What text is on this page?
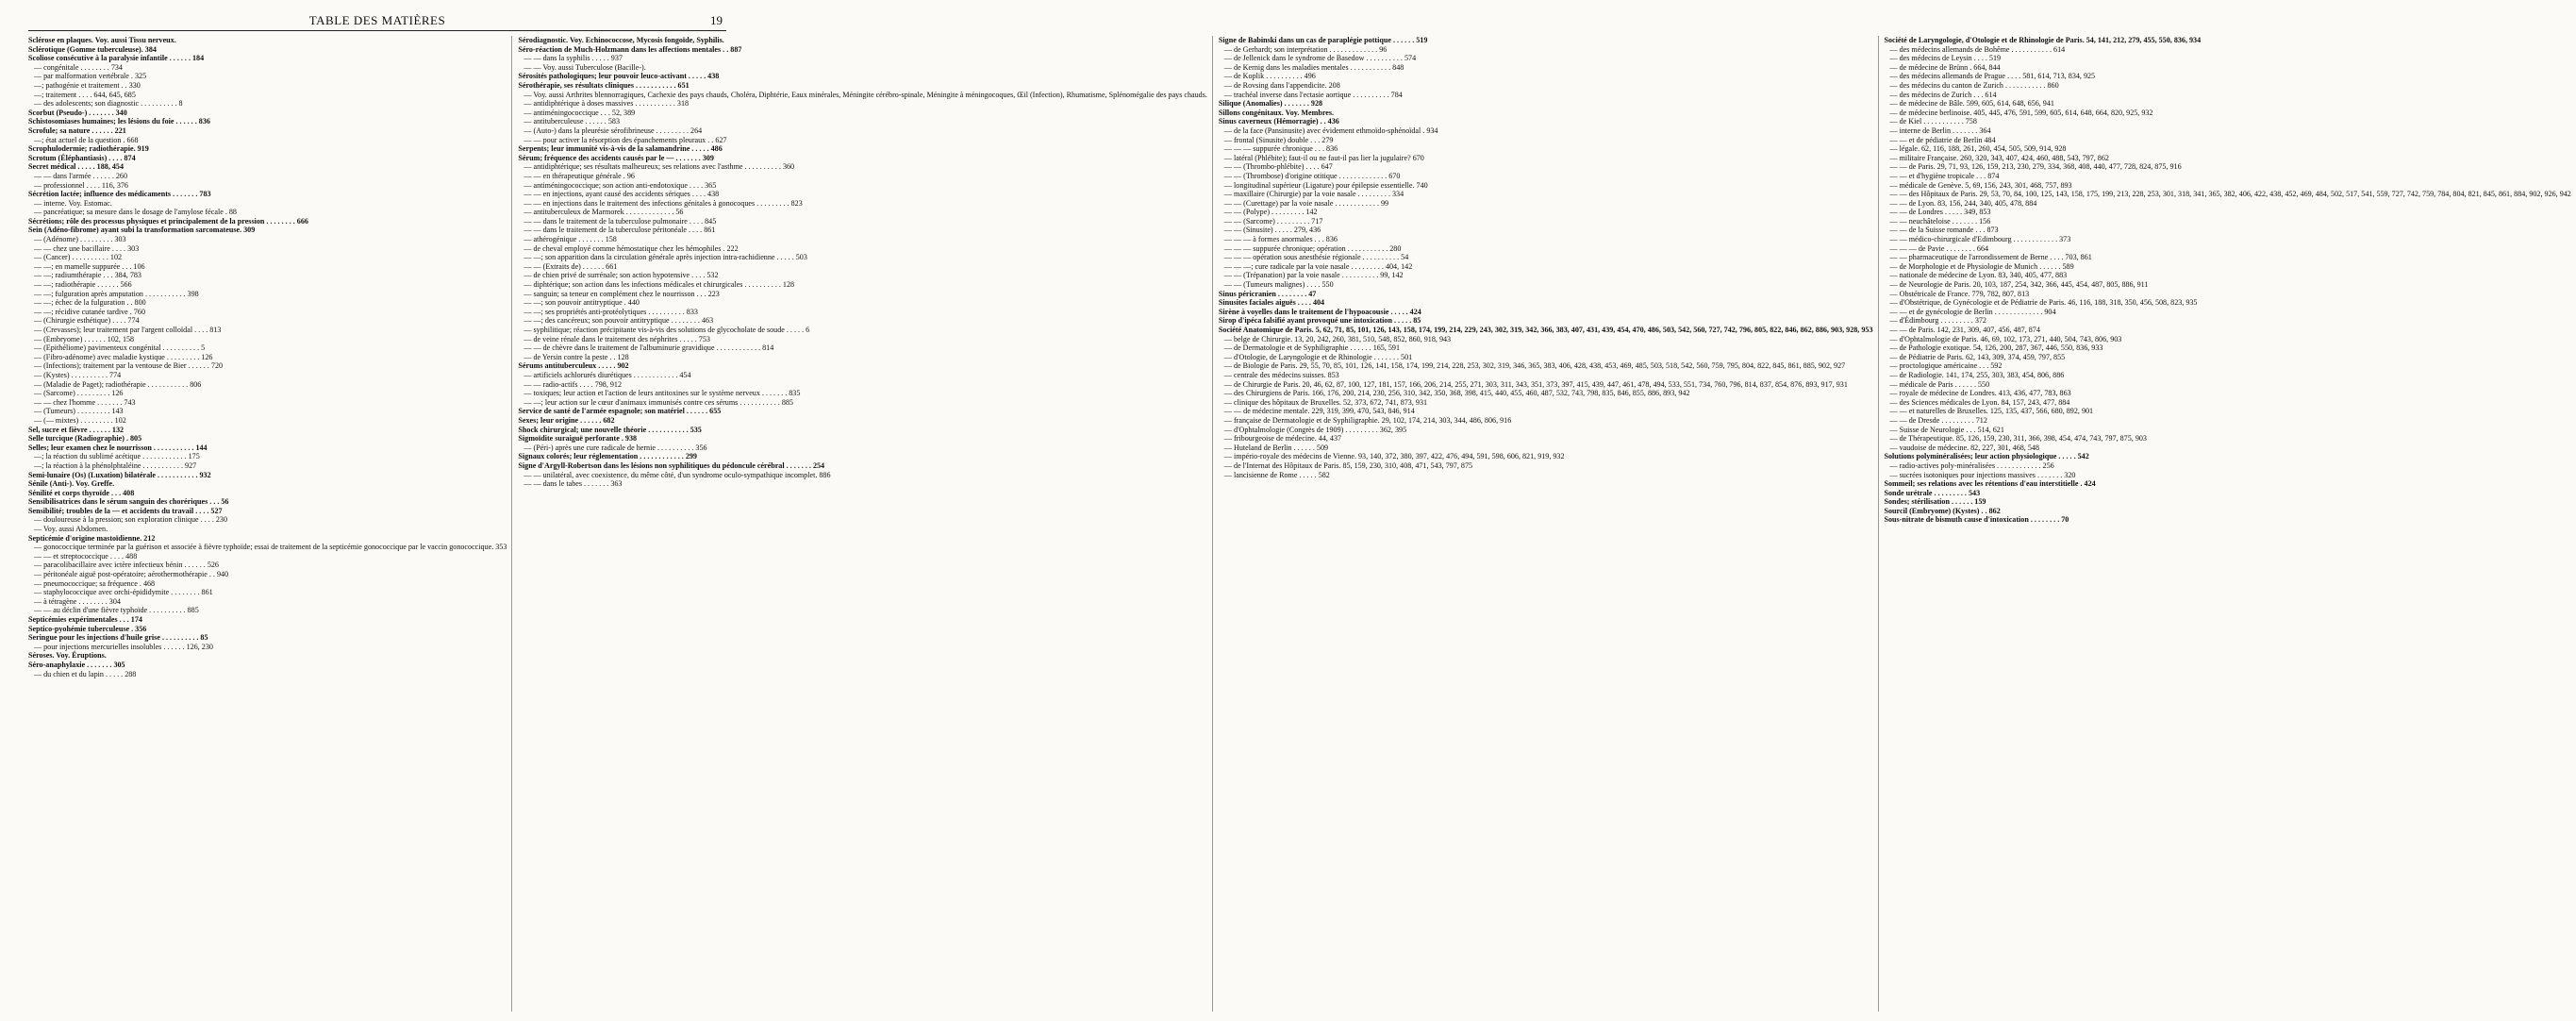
TABLE DES MATIÈRES	19

Sclérose en plaques. Voy. aussi Tissu nerveux.

Sclérotique (Gomme tuberculeuse). 384

Scoliose consécutive à la paralysie infantile . . . . . . 184

— congénitale . . . . . . . . 734

— par malformation vertébrale . 325

—; pathogénie et traitement . . 330

—; traitement . . . . 644, 645, 685

— des adolescents; son diagnostic . . . . . . . . . . 8

Scorbut (Pseudo-) . . . . . . . 340

Schistosomiases humaines; les lésions du foie . . . . . . 836

Scrofule; sa nature . . . . . . 221

—; état actuel de la question . 668

Scrophulodermie; radiothérapie. 919

Scrotum (Éléphantiasis) . . . . 874

Secret médical . . . . . 188, 454

— — dans l'armée . . . . . . 260

— professionnel . . . . 116, 376

Sécrétion lactée; influence des médicaments . . . . . . . 783

— interne. Voy. Estomac.

— pancréatique; sa mesure dans le dosage de l'amylose fécale . 88

Sécrétions; rôle des processus physiques et principalement de la pression . . . . . . . . 666

Sein (Adéno-fibrome) ayant subi la transformation sarcomateuse. 309

— (Adénome) . . . . . . . . . 303

— — chez une bacillaire . . . . 303

— (Cancer) . . . . . . . . . . 102

— —; en mamelle suppurée . . . 106

— —; radiumthérapie . . . 384, 783

— —; radiothérapie . . . . . . 566

— —; fulguration après amputation . . . . . . . . . . . 398

— —; échec de la fulguration . . 800

— —; récidive cutanée tardive . 760

— (Chirurgie esthétique) . . . . 774

— (Crevasses); leur traitement par l'argent colloïdal . . . . 813

— (Embryome) . . . . . . 102, 158

— (Epithéliome) pavimenteux congénital . . . . . . . . . . 5

— (Fibro-adénome) avec maladie kystique . . . . . . . . . 126

— (Infections); traitement par la ventouse de Bier . . . . . . 720

— (Kystes) . . . . . . . . . . 774

— (Maladie de Paget); radiothérapie . . . . . . . . . . . 806

— (Sarcome) . . . . . . . . . 126

— — chez l'homme . . . . . . . 743

— (Tumeurs) . . . . . . . . . 143

— (— mixtes) . . . . . . . . . 102

Sel, sucre et fièvre . . . . . . 132

Selle turcique (Radiographie) . 805

Selles; leur examen chez le nourrisson . . . . . . . . . . . 144

—; la réaction du sublimé acétique . . . . . . . . . . . . 175

—; la réaction à la phénolphtaléine . . . . . . . . . . . 927

Semi-lunaire (Os) (Luxation) bilatérale . . . . . . . . . . . 932

Sénile (Anti-). Voy. Greffe.

Sénilité et corps thyroïde . . . 408

Sensibilisatrices dans le sérum sanguin des chorériques . . . 56

Sensibilité; troubles de la — et accidents du travail . . . . 527

— douloureuse à la pression; son exploration clinique . . . . 230

— Voy. aussi Abdomen.

Septicémie d'origine mastoïdienne. 212

— gonococcique terminée par la guérison et associée à fièvre typhoïde; essai de traitement de la septicémie gonococcique par le vaccin gonococcique. 353

— — et streptococcique . . . . 488

— paracolibacillaire avec ictère infectieux bénin . . . . . . 526

— péritonéale aiguë post-opératoire; aérothermothérapie . . 940

— pneumococcique; sa fréquence . 468

— staphylococcique avec orchi-épididymite . . . . . . . . 861

— à tétragène . . . . . . . . 304

— — au déclin d'une fièvre typhoïde . . . . . . . . . . 885

Septicémies expérimentales . . . 174

Septico-pyohémie tuberculeuse . 356

Seringue pour les injections d'huile grise . . . . . . . . . . 85

— pour injections mercurielles insolubles . . . . . . 126, 230

Séroses. Voy. Éruptions.

Séro-anaphylaxie . . . . . . . 305

— du chien et du lapin . . . . . 288

Sérodiagnostic. Voy. Echinococcose, Mycosis fongoïde, Syphilis.

Séro-réaction de Much-Holzmann dans les affections mentales . . 887

— — dans la syphilis . . . . . 937

— — Voy. aussi Tuberculose (Bacille-).

Sérosités pathologiques; leur pouvoir leuco-activant . . . . . 438

Sérothérapie, ses résultats cliniques . . . . . . . . . . . 651

— Voy. aussi Arthrites blennorragiques, Cachexie des pays chauds, Choléra, Diphtérie, Eaux minérales, Méningite cérébro-spinale, Méningite à méningocoques, Œil (Infection), Rhumatisme, Splénomégalie des pays chauds.

— antidiphtérique à doses massives . . . . . . . . . . . 318

— antiméningococcique . . . 52, 389

— antituberculeuse . . . . . . 583

— (Auto-) dans la pleurésie sérofibrineuse . . . . . . . . . 264

— — pour activer la résorption des épanchements pleuraux . . 627

Serpents; leur immunité vis-à-vis de la salamandrine . . . . . 486

Sérum; fréquence des accidents causés par le — . . . . . . . 309

— antidiphtérique; ses résultats malheureux; ses relations avec l'asthme . . . . . . . . . . 360

— — en thérapeutique générale . 96

— antiméningococcique; son action anti-endotoxique . . . . 365

— — en injections, ayant causé des accidents sériques . . . . 438

— — en injections dans le traitement des infections génitales à gonocoques . . . . . . . . . 823

— antituberculeux de Marmorek . . . . . . . . . . . . . 56

— — dans le traitement de la tuberculose pulmonaire . . . . 845

— — dans le traitement de la tuberculose péritonéale . . . . 861

— athérogénique . . . . . . . 158

— de cheval employé comme hémostatique chez les hémophiles . 222

— —; son apparition dans la circulation générale après injection intra-rachidienne . . . . . 503

— — (Extraits de) . . . . . . 661

— de chien privé de surrénale; son action hypotensive . . . . 532

— diphtérique; son action dans les infections médicales et chirurgicales . . . . . . . . . . 128

— sanguin; sa teneur en complément chez le nourrisson . . . 223

— —; son pouvoir antitryptique . 440

— —; ses propriétés anti-protéolytiques . . . . . . . . . . 833

— —; des cancéreux; son pouvoir antitryptique . . . . . . . . 463

— syphilitique; réaction précipitante vis-à-vis des solutions de glycocholate de soude . . . . . 6

— de veine rénale dans le traitement des néphrites . . . . . 753

— — de chèvre dans le traitement de l'albuminurie gravidique . . . . . . . . . . . . 814

— de Yersin contre la peste . . 128

Sérums antituberculeux . . . . . 902

— artificiels achlorurés diurétiques . . . . . . . . . . . . 454

— — radio-actifs . . . . 798, 912

— toxiques; leur action et l'action de leurs antitoxines sur le système nerveux . . . . . . . 835

— —; leur action sur le cœur d'animaux immunisés contre ces sérums . . . . . . . . . . . 885

Service de santé de l'armée espagnole; son matériel . . . . . . 655

Sexes; leur origine . . . . . . 682

Shock chirurgical; une nouvelle théorie . . . . . . . . . . . 535

Sigmoïdite suraiguë perforante . 938

— (Péri-) après une cure radicale de hernie . . . . . . . . . . 356

Signaux colorés; leur réglementation . . . . . . . . . . . . 299

Signe d'Argyll-Robertson dans les lésions non syphilitiques du pédoncule cérébral . . . . . . . 254

— — unilatéral, avec coexistence, du même côté, d'un syndrome oculo-sympathique incomplet. 886

— — dans le tabes . . . . . . . 363

Signe de Babinski dans un cas de paraplégie pottique . . . . . . 519

— de Gerhardt; son interprétation . . . . . . . . . . . . . 96

— de Jellenick dans le syndrome de Basedow . . . . . . . . . . 574

— de Kernig dans les maladies mentales . . . . . . . . . . . 848

— de Koplik . . . . . . . . . . 496

— de Rovsing dans l'appendicite. 208

— trachéal inverse dans l'ectasie aortique . . . . . . . . . . 784

Silique (Anomalies) . . . . . . . 928

Sillons congénitaux. Voy. Membres.

Sinus caverneux (Hémorragie) . . 436

— de la face (Pansinusite) avec évidement ethmoïdo-sphénoïdal . 934

— frontal (Sinusite) double . . . 279

— — — suppurée chronique . . . 836

— latéral (Phlébite); faut-il ou ne faut-il pas lier la jugulaire? 670

— — (Thrombo-phlébite) . . . . 647

— — (Thrombose) d'origine otitique . . . . . . . . . . . . . 670

— longitudinal supérieur (Ligature) pour épilepsie essentielle. 740

— maxillaire (Chirurgie) par la voie nasale . . . . . . . . . 334

— — (Curettage) par la voie nasale . . . . . . . . . . . . 99

— — (Polype) . . . . . . . . . 142

— — (Sarcome) . . . . . . . . . 717

— — (Sinusite) . . . . . 279, 436

— — — à formes anormales . . . 836

— — — suppurée chronique; opération . . . . . . . . . . . 280

— — — opération sous anesthésie régionale . . . . . . . . . . 54

— — —; cure radicale par la voie nasale . . . . . . . . . 404, 142

— — (Trépanation) par la voie nasale . . . . . . . . . . 99, 142

— — (Tumeurs malignes) . . . . 550

Sinus péricranien . . . . . . . . 47

Sinusites faciales aiguës . . . . 404

Sirène à voyelles dans le traitement de l'hypoacousie . . . . . 424

Sirop d'ipéca falsifié ayant provoqué une intoxication . . . . . 85

Société Anatomique de Paris. 5, 62, 71, 85, 101, 126, 143, 158, 174, 199, 214, 229, 243, 302, 319, 342, 366, 383, 407, 431, 439, 454, 470, 486, 503, 542, 560, 727, 742, 796, 805, 822, 846, 862, 886, 903, 928, 953

— belge de Chirurgie. 13, 20, 242, 260, 381, 510, 548, 852, 860, 918, 943

— de Dermatologie et de Syphiligraphie . . . . . . 165, 591

— d'Otologie, de Laryngologie et de Rhinologie . . . . . . . 501

— de Biologie de Paris. 29, 55, 70, 85, 101, 126, 141, 158, 174, 199, 214, 228, 253, 302, 319, 346, 365, 383, 406, 428, 438, 453, 469, 485, 503, 518, 542, 560, 759, 795, 804, 822, 845, 861, 885, 902, 927

— centrale des médecins suisses. 853

— de Chirurgie de Paris. 20, 46, 62, 87, 100, 127, 181, 157, 166, 206, 214, 255, 271, 303, 311, 343, 351, 373, 397, 415, 439, 447, 461, 478, 494, 533, 551, 734, 760, 796, 814, 837, 854, 876, 893, 917, 931

— des Chirurgiens de Paris. 166, 176, 200, 214, 230, 256, 310, 342, 350, 368, 398, 415, 440, 455, 460, 487, 532, 743, 798, 835, 846, 855, 886, 893, 942

— clinique des hôpitaux de Bruxelles. 52, 373, 672, 741, 873, 931

— — de médecine mentale. 229, 319, 399, 470, 543, 846, 914

— française de Dermatologie et de Syphiligraphie. 29, 102, 174, 214, 303, 344, 486, 806, 916

— d'Ophtalmologie (Congrès de 1909) . . . . . . . . . 362, 395

— fribourgeoise de médecine. 44, 437

— Huteland de Berlin . . . . . . 509

— império-royale des médecins de Vienne. 93, 140, 372, 380, 397, 422, 476, 494, 591, 598, 606, 821, 919, 932

— de l'Internat des Hôpitaux de Paris. 85, 159, 230, 310, 408, 471, 543, 797, 875

— lancisienne de Rome . . . . . 582

Société de Laryngologie, d'Otologie et de Rhinologie de Paris. 54, 141, 212, 279, 455, 550, 836, 934

— des médecins allemands de Bohême . . . . . . . . . . . 614

— des médecins de Leysin . . . . 519

— de médecine de Brünn . 664, 844

— des médecins allemands de Prague . . . . 581, 614, 713, 834, 925

— des médecins du canton de Zurich . . . . . . . . . . . 860

— des médecins de Zurich . . . 614

— de médecine de Bâle. 599, 605, 614, 648, 656, 941

— de médecine berlinoise. 405, 445, 476, 591, 599, 605, 614, 648, 664, 820, 925, 932

— de Kiel . . . . . . . . . . . 758

— interne de Berlin . . . . . . . 364

— — et de pédiatrie de Berlin 484

— légale. 62, 116, 188, 261, 260, 454, 505, 509, 914, 928

— militaire Française. 260, 320, 343, 407, 424, 460, 488, 543, 797, 862

— — de Paris. 29, 71, 93, 126, 159, 213, 230, 279, 334, 368, 408, 440, 477, 728, 824, 875, 916

— — et d'hygiène tropicale . . . 874

— médicale de Genève. 5, 69, 156, 243, 301, 468, 757, 893

— — des Hôpitaux de Paris. 29, 53, 70, 84, 100, 125, 143, 158, 175, 199, 213, 228, 253, 301, 318, 341, 365, 382, 406, 422, 438, 452, 469, 484, 502, 517, 541, 559, 727, 742, 759, 784, 804, 821, 845, 861, 884, 902, 926, 942

— — de Lyon. 83, 156, 244, 340, 405, 478, 884

— — de Londres . . . . . 349, 853

— — neuchâteloise . . . . . . . 156

— — de la Suisse romande . . . 873

— — médico-chirurgicale d'Edimbourg . . . . . . . . . . . . 373

— — — de Pavie . . . . . . . . 664

— — pharmaceutique de l'arrondissement de Berne . . . . 703, 861

— de Morphologie et de Physiologie de Munich . . . . . . 589

— nationale de médecine de Lyon. 83, 340, 405, 477, 883

— de Neurologie de Paris. 20, 103, 187, 254, 342, 366, 445, 454, 487, 805, 886, 911

— Obstétricale de France. 779, 782, 807, 813

— d'Obstétrique, de Gynécologie et de Pédiatrie de Paris. 46, 116, 188, 318, 350, 456, 508, 823, 935

— — et de gynécologie de Berlin . . . . . . . . . . . . . 904

— d'Édimbourg . . . . . . . . . 372

— — de Paris. 142, 231, 309, 407, 456, 487, 874

— d'Ophtalmologie de Paris. 46, 69, 102, 173, 271, 440, 504, 743, 806, 903

— de Pathologie exotique. 54, 126, 200, 287, 367, 446, 550, 836, 933

— de Pédiatrie de Paris. 62, 143, 309, 374, 459, 797, 855

— proctologique américaine . . . 592

— de Radiologie. 141, 174, 255, 303, 383, 454, 806, 886

— médicale de Paris . . . . . . 550

— royale de médecine de Londres. 413, 436, 477, 783, 863

— des Sciences médicales de Lyon. 84, 157, 243, 477, 884

— — et naturelles de Bruxelles. 125, 135, 437, 566, 680, 892, 901

— — de Dresde . . . . . . . . . 712

— Suisse de Neurologie . . . 514, 621

— de Thérapeutique. 85, 126, 159, 230, 311, 366, 398, 454, 474, 743, 797, 875, 903

— vaudoise de médecine. 82, 227, 301, 468, 548

Solutions polyminéralisées; leur action physiologique . . . . . 542

— radio-actives poly-minéralisées . . . . . . . . . . . . 256

— sucrées isotoniques pour injections massives . . . . . . . 320

Sommeil; ses relations avec les rétentions d'eau interstitielle . 424

Sonde urétrale . . . . . . . . . 543

Sondes; stérilisation . . . . . . 159

Sourcil (Embryome) (Kystes) . . 862

Sous-nitrate de bismuth cause d'intoxication . . . . . . . . 70
